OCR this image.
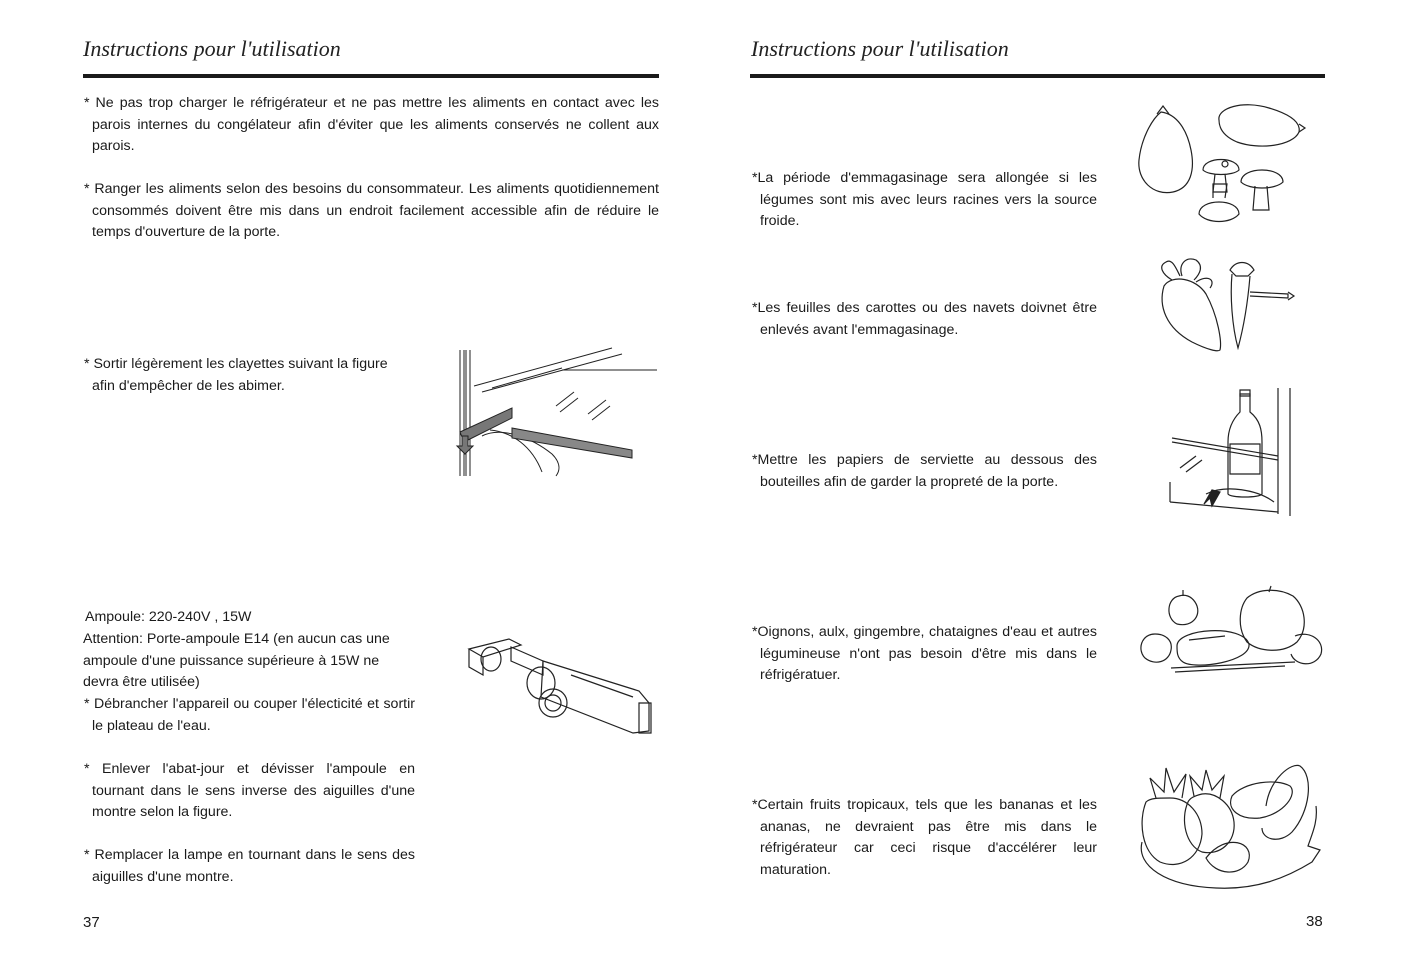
Instructions pour l'utilisation
* Ne pas trop charger le réfrigérateur et ne pas mettre les aliments en contact avec les parois internes du congélateur afin d'éviter que les aliments conservés ne collent aux parois.
* Ranger les aliments selon des besoins du consommateur. Les aliments quotidiennement consommés doivent être mis dans un endroit facilement accessible afin de réduire le temps d'ouverture de la porte.
* Sortir légèrement les clayettes suivant la figure afin d'empêcher de les abimer.
Ampoule: 220-240V , 15W
Attention: Porte-ampoule E14 (en aucun cas une ampoule d'une puissance supérieure à 15W ne devra être utilisée)
* Débrancher l'appareil ou couper l'électicité et sortir le plateau de l'eau.
* Enlever l'abat-jour et dévisser l'ampoule en tournant dans le sens inverse des aiguilles d'une montre selon la figure.
* Remplacer la lampe en tournant dans le sens des aiguilles d'une montre.
37
Instructions pour l'utilisation
*La période d'emmagasinage sera allongée si les légumes sont mis avec leurs racines vers la source froide.
*Les feuilles des carottes ou des navets doivnet être enlevés avant l'emmagasinage.
*Mettre les papiers de serviette au dessous des bouteilles afin de garder la propreté de la porte.
*Oignons, aulx, gingembre, chataignes d'eau et autres légumineuse n'ont pas besoin d'être mis dans le réfrigératuer.
*Certain fruits tropicaux, tels que les bananas et les ananas, ne devraient pas être mis dans le réfrigérateur car ceci risque d'accélérer leur maturation.
38
